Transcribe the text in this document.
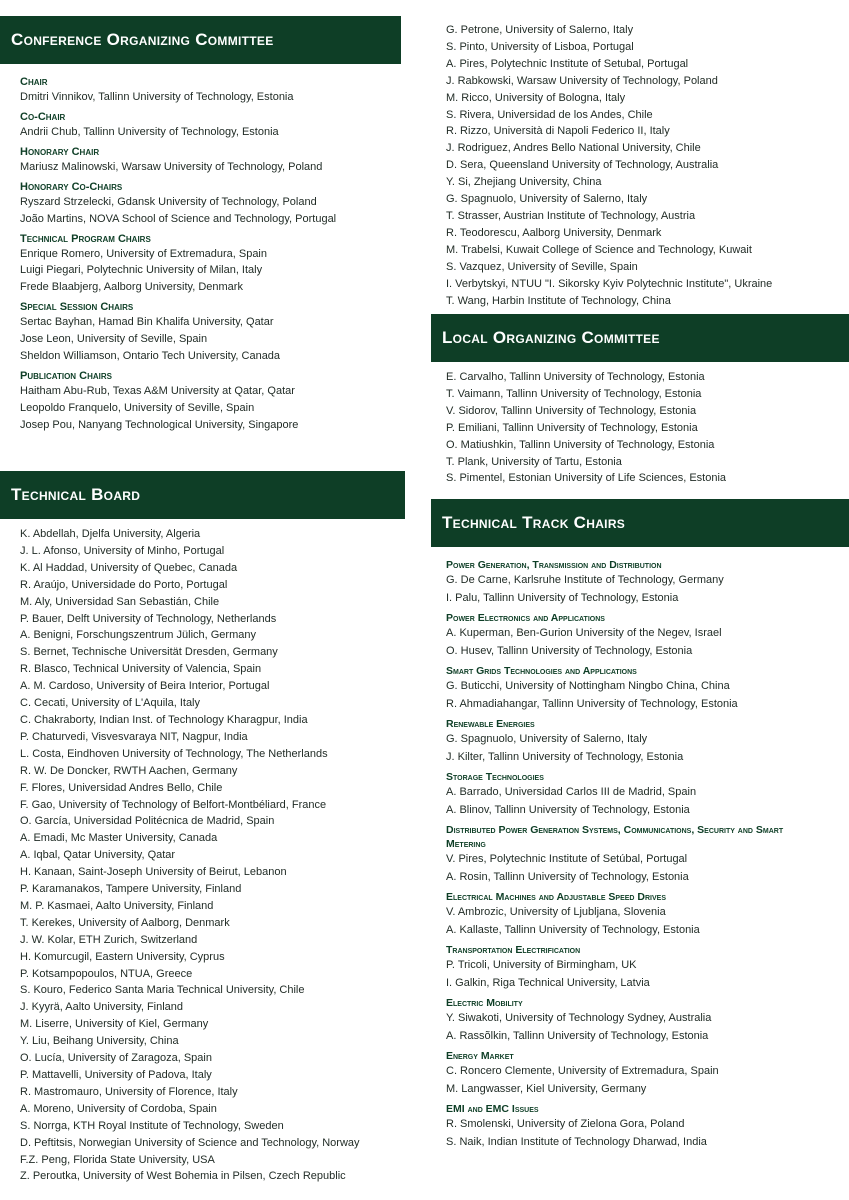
Conference Organizing Committee
Technical Board
Local Organizing Committee
Technical Track Chairs
Chair
Dmitri Vinnikov, Tallinn University of Technology, Estonia
Co-Chair
Andrii Chub, Tallinn University of Technology, Estonia
Honorary Chair
Mariusz Malinowski, Warsaw University of Technology, Poland
Honorary Co-Chairs
Ryszard Strzelecki, Gdansk University of Technology, Poland
João Martins, NOVA School of Science and Technology, Portugal
Technical Program Chairs
Enrique Romero, University of Extremadura, Spain
Luigi Piegari, Polytechnic University of Milan, Italy
Frede Blaabjerg, Aalborg University, Denmark
Special Session Chairs
Sertac Bayhan, Hamad Bin Khalifa University, Qatar
Jose Leon, University of Seville, Spain
Sheldon Williamson, Ontario Tech University, Canada
Publication Chairs
Haitham Abu-Rub, Texas A&M University at Qatar, Qatar
Leopoldo Franquelo, University of Seville, Spain
Josep Pou, Nanyang Technological University, Singapore
K. Abdellah, Djelfa University, Algeria
J. L. Afonso, University of Minho, Portugal
K. Al Haddad, University of Quebec, Canada
R. Araújo, Universidade do Porto, Portugal
M. Aly, Universidad San Sebastián, Chile
P. Bauer, Delft University of Technology, Netherlands
A. Benigni, Forschungszentrum Jülich, Germany
S. Bernet, Technische Universität Dresden, Germany
R. Blasco, Technical University of Valencia, Spain
A. M. Cardoso, University of Beira Interior, Portugal
C. Cecati, University of L'Aquila, Italy
C. Chakraborty, Indian Inst. of Technology Kharagpur, India
P. Chaturvedi, Visvesvaraya NIT, Nagpur, India
L. Costa, Eindhoven University of Technology, The Netherlands
R. W. De Doncker, RWTH Aachen, Germany
F. Flores, Universidad Andres Bello, Chile
F. Gao, University of Technology of Belfort-Montbéliard, France
O. García, Universidad Politécnica de Madrid, Spain
A. Emadi, Mc Master University, Canada
A. Iqbal, Qatar University, Qatar
H. Kanaan, Saint-Joseph University of Beirut, Lebanon
P. Karamanakos, Tampere University, Finland
M. P. Kasmaei, Aalto University, Finland
T. Kerekes, University of Aalborg, Denmark
J. W. Kolar, ETH Zurich, Switzerland
H. Komurcugil, Eastern University, Cyprus
P. Kotsampopoulos, NTUA, Greece
S. Kouro, Federico Santa Maria Technical University, Chile
J. Kyyrä, Aalto University, Finland
M. Liserre, University of Kiel, Germany
Y. Liu, Beihang University, China
O. Lucía, University of Zaragoza, Spain
P. Mattavelli, University of Padova, Italy
R. Mastromauro, University of Florence, Italy
A. Moreno, University of Cordoba, Spain
S. Norrga, KTH Royal Institute of Technology, Sweden
D. Peftitsis, Norwegian University of Science and Technology, Norway
F.Z. Peng, Florida State University, USA
Z. Peroutka, University of West Bohemia in Pilsen, Czech Republic
G. Petrone, University of Salerno, Italy
S. Pinto, University of Lisboa, Portugal
A. Pires, Polytechnic Institute of Setubal, Portugal
J. Rabkowski, Warsaw University of Technology, Poland
M. Ricco, University of Bologna, Italy
S. Rivera, Universidad de los Andes, Chile
R. Rizzo, Università di Napoli Federico II, Italy
J. Rodriguez, Andres Bello National University, Chile
D. Sera, Queensland University of Technology, Australia
Y. Si, Zhejiang University, China
G. Spagnuolo, University of Salerno, Italy
T. Strasser, Austrian Institute of Technology, Austria
R. Teodorescu, Aalborg University, Denmark
M. Trabelsi, Kuwait College of Science and Technology, Kuwait
S. Vazquez, University of Seville, Spain
I. Verbytskyi, NTUU "I. Sikorsky Kyiv Polytechnic Institute", Ukraine
T. Wang, Harbin Institute of Technology, China
E. Carvalho, Tallinn University of Technology, Estonia
T. Vaimann, Tallinn University of Technology, Estonia
V. Sidorov, Tallinn University of Technology, Estonia
P. Emiliani, Tallinn University of Technology, Estonia
O. Matiushkin, Tallinn University of Technology, Estonia
T. Plank, University of Tartu, Estonia
S. Pimentel, Estonian University of Life Sciences, Estonia
Power Generation, Transmission and Distribution
G. De Carne, Karlsruhe Institute of Technology, Germany
I. Palu, Tallinn University of Technology, Estonia
Power Electronics and Applications
A. Kuperman, Ben-Gurion University of the Negev, Israel
O. Husev, Tallinn University of Technology, Estonia
Smart Grids Technologies and Applications
G. Buticchi, University of Nottingham Ningbo China, China
R. Ahmadiahangar, Tallinn University of Technology, Estonia
Renewable Energies
G. Spagnuolo, University of Salerno, Italy
J. Kilter, Tallinn University of Technology, Estonia
Storage Technologies
A. Barrado, Universidad Carlos III de Madrid, Spain
A. Blinov, Tallinn University of Technology, Estonia
Distributed Power Generation Systems, Communications, Security and Smart Metering
V. Pires, Polytechnic Institute of Setúbal, Portugal
A. Rosin, Tallinn University of Technology, Estonia
Electrical Machines and Adjustable Speed Drives
V. Ambrozic, University of Ljubljana, Slovenia
A. Kallaste, Tallinn University of Technology, Estonia
Transportation Electrification
P. Tricoli, University of Birmingham, UK
I. Galkin, Riga Technical University, Latvia
Electric Mobility
Y. Siwakoti, University of Technology Sydney, Australia
A. Rassõlkin, Tallinn University of Technology, Estonia
Energy Market
C. Roncero Clemente, University of Extremadura, Spain
M. Langwasser, Kiel University, Germany
EMI and EMC Issues
R. Smolenski, University of Zielona Gora, Poland
S. Naik, Indian Institute of Technology Dharwad, India
